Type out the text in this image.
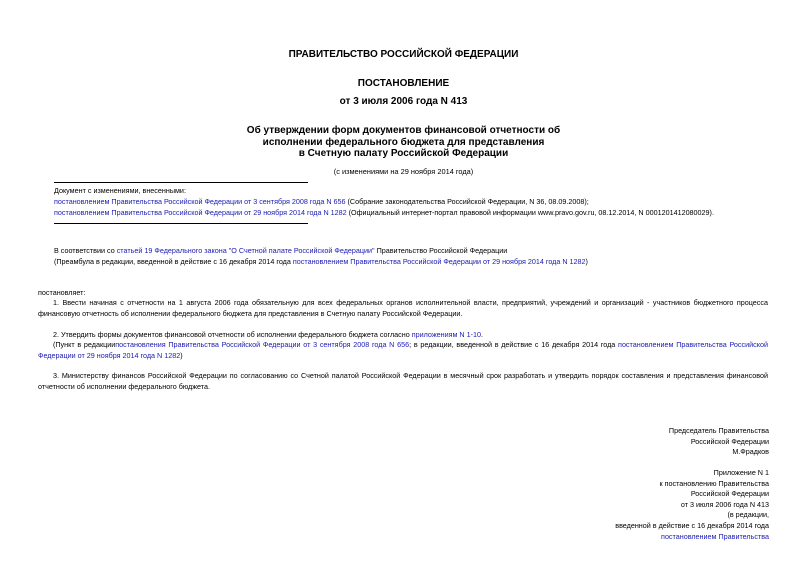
ПРАВИТЕЛЬСТВО РОССИЙСКОЙ ФЕДЕРАЦИИ
ПОСТАНОВЛЕНИЕ
от 3 июля 2006 года N 413
Об утверждении форм документов финансовой отчетности об
исполнении федерального бюджета для представления
в Счетную палату Российской Федерации
(с изменениями на 29 ноября 2014 года)
Документ с изменениями, внесенными:
постановлением Правительства Российской Федерации от 3 сентября 2008 года N 656 (Собрание законодательства Российской Федерации, N 36, 08.09.2008);
постановлением Правительства Российской Федерации от 29 ноября 2014 года N 1282 (Официальный интернет-портал правовой информации www.pravo.gov.ru, 08.12.2014, N 0001201412080029).
В соответствии со статьей 19 Федерального закона "О Счетной палате Российской Федерации" Правительство Российской Федерации
(Преамбула в редакции, введенной в действие с 16 декабря 2014 года постановлением Правительства Российской Федерации от 29 ноября 2014 года N 1282)
постановляет:
1. Ввести начиная с отчетности на 1 августа 2006 года обязательную для всех федеральных органов исполнительной власти, предприятий, учреждений и организаций - участников бюджетного процесса финансовую отчетность об исполнении федерального бюджета для представления в Счетную палату Российской Федерации.
2. Утвердить формы документов финансовой отчетности об исполнении федерального бюджета согласно приложениям N 1-10.
(Пункт в редакциипостановления Правительства Российской Федерации от 3 сентября 2008 года N 656; в редакции, введенной в действие с 16 декабря 2014 года постановлением Правительства Российской Федерации от 29 ноября 2014 года N 1282)
3. Министерству финансов Российской Федерации по согласованию со Счетной палатой Российской Федерации в месячный срок разработать и утвердить порядок составления и представления финансовой отчетности об исполнении федерального бюджета.
Председатель Правительства
Российской Федерации
М.Фрадков
Приложение N 1
к постановлению Правительства
Российской Федерации
от 3 июля 2006 года N 413
(в редакции,
введенной в действие с 16 декабря 2014 года
постановлением Правительства
